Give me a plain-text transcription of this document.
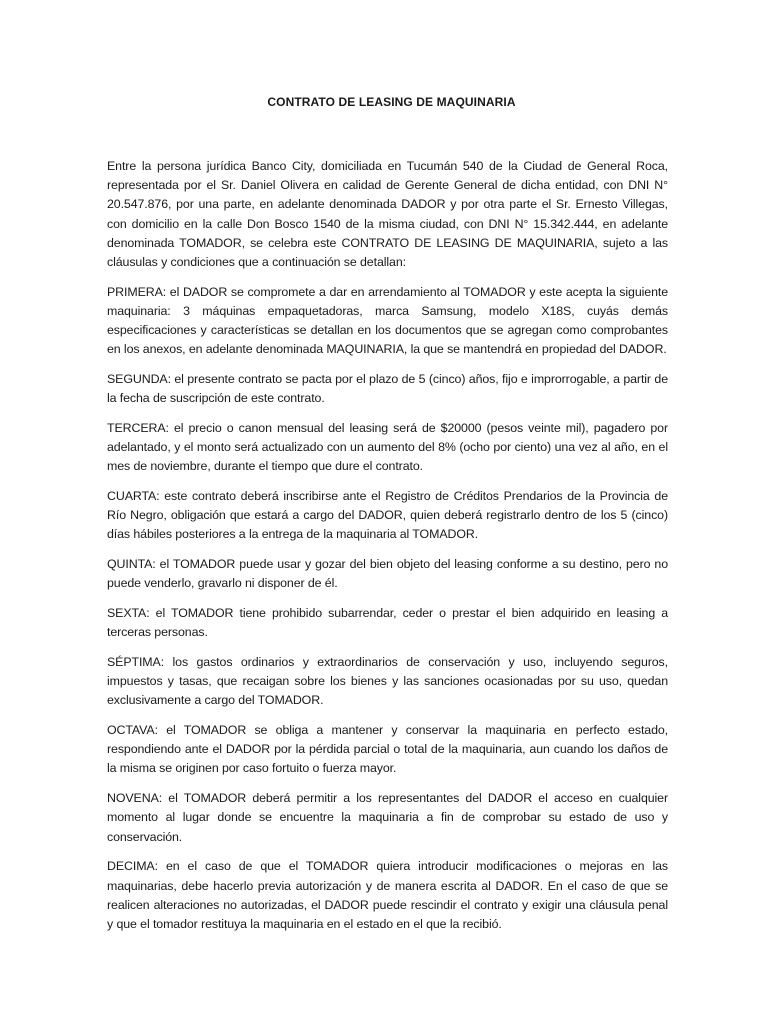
CONTRATO DE LEASING DE MAQUINARIA

Entre la persona jurídica Banco City, domiciliada en Tucumán 540 de la Ciudad de General Roca, representada por el Sr. Daniel Olivera en calidad de Gerente General de dicha entidad, con DNI N° 20.547.876, por una parte, en adelante denominada DADOR y por otra parte el Sr. Ernesto Villegas, con domicilio en la calle Don Bosco 1540 de la misma ciudad, con DNI N° 15.342.444, en adelante denominada TOMADOR, se celebra este CONTRATO DE LEASING DE MAQUINARIA, sujeto a las cláusulas y condiciones que a continuación se detallan:

PRIMERA: el DADOR se compromete a dar en arrendamiento al TOMADOR y este acepta la siguiente maquinaria: 3 máquinas empaquetadoras, marca Samsung, modelo X18S, cuyás demás especificaciones y características se detallan en los documentos que se agregan como comprobantes en los anexos, en adelante denominada MAQUINARIA, la que se mantendrá en propiedad del DADOR.

SEGUNDA: el presente contrato se pacta por el plazo de 5 (cinco) años, fijo e improrrogable, a partir de la fecha de suscripción de este contrato.

TERCERA: el precio o canon mensual del leasing será de $20000 (pesos veinte mil), pagadero por adelantado, y el monto será actualizado con un aumento del 8% (ocho por ciento) una vez al año, en el mes de noviembre, durante el tiempo que dure el contrato.

CUARTA: este contrato deberá inscribirse ante el Registro de Créditos Prendarios de la Provincia de Río Negro, obligación que estará a cargo del DADOR, quien deberá registrarlo dentro de los 5 (cinco) días hábiles posteriores a la entrega de la maquinaria al TOMADOR.

QUINTA: el TOMADOR puede usar y gozar del bien objeto del leasing conforme a su destino, pero no puede venderlo, gravarlo ni disponer de él.

SEXTA: el TOMADOR tiene prohibido subarrendar, ceder o prestar el bien adquirido en leasing a terceras personas.

SÉPTIMA: los gastos ordinarios y extraordinarios de conservación y uso, incluyendo seguros, impuestos y tasas, que recaigan sobre los bienes y las sanciones ocasionadas por su uso, quedan exclusivamente a cargo del TOMADOR.

OCTAVA: el TOMADOR se obliga a mantener y conservar la maquinaria en perfecto estado, respondiendo ante el DADOR por la pérdida parcial o total de la maquinaria, aun cuando los daños de la misma se originen por caso fortuito o fuerza mayor.

NOVENA: el TOMADOR deberá permitir a los representantes del DADOR el acceso en cualquier momento al lugar donde se encuentre la maquinaria a fin de comprobar su estado de uso y conservación.

DECIMA: en el caso de que el TOMADOR quiera introducir modificaciones o mejoras en las maquinarias, debe hacerlo previa autorización y de manera escrita al DADOR. En el caso de que se realicen alteraciones no autorizadas, el DADOR puede rescindir el contrato y exigir una cláusula penal y que el tomador restituya la maquinaria en el estado en el que la recibió.
